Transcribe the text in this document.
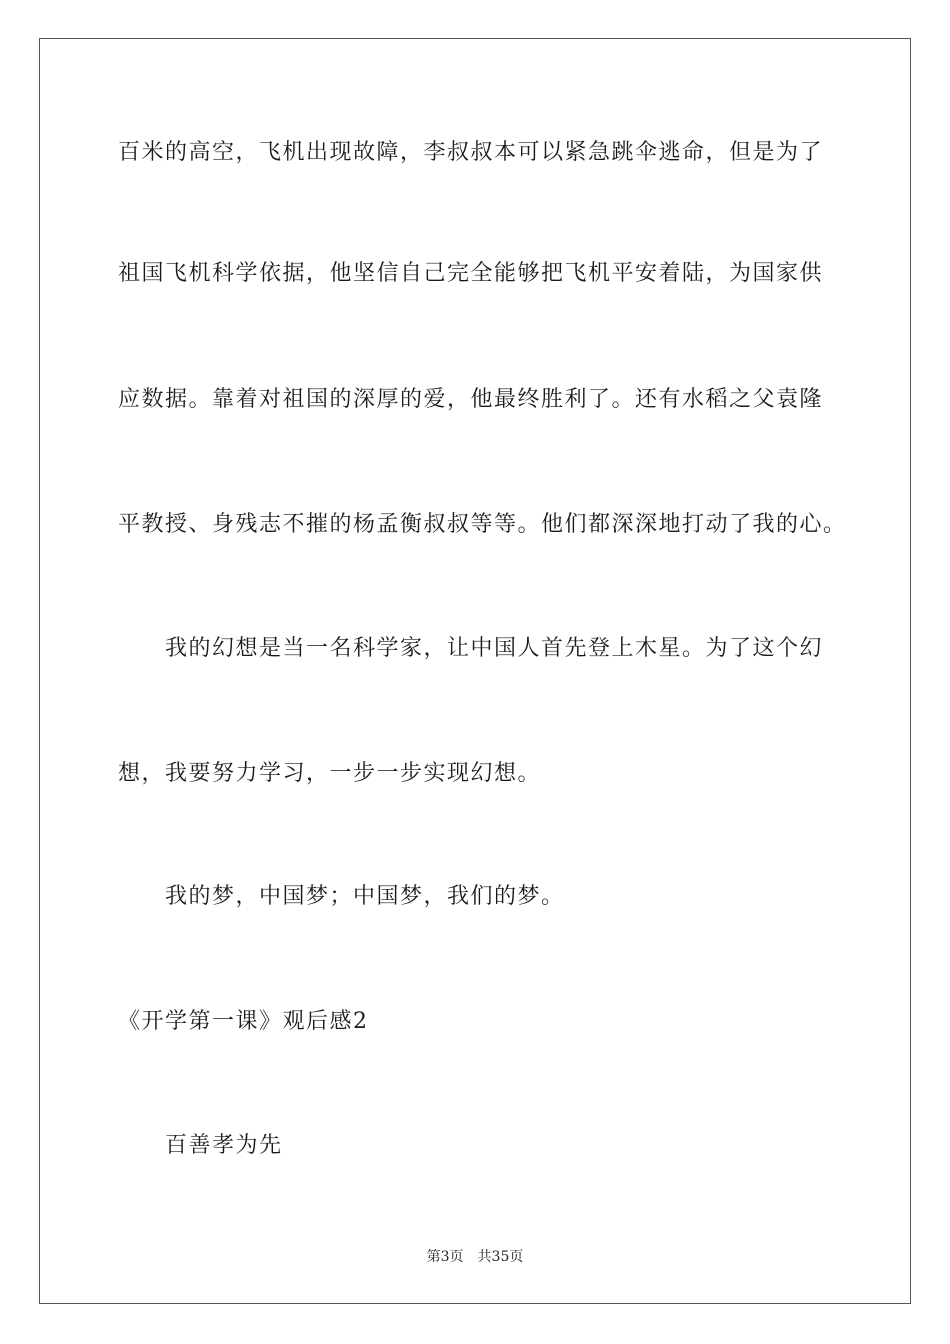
百米的高空，飞机出现故障，李叔叔本可以紧急跳伞逃命，但是为了
祖国飞机科学依据，他坚信自己完全能够把飞机平安着陆，为国家供
应数据。靠着对祖国的深厚的爱，他最终胜利了。还有水稻之父袁隆
平教授、身残志不摧的杨孟衡叔叔等等。他们都深深地打动了我的心。
我的幻想是当一名科学家，让中国人首先登上木星。为了这个幻
想，我要努力学习，一步一步实现幻想。
我的梦，中国梦；中国梦，我们的梦。
《开学第一课》观后感2
百善孝为先
第3页 共35页
